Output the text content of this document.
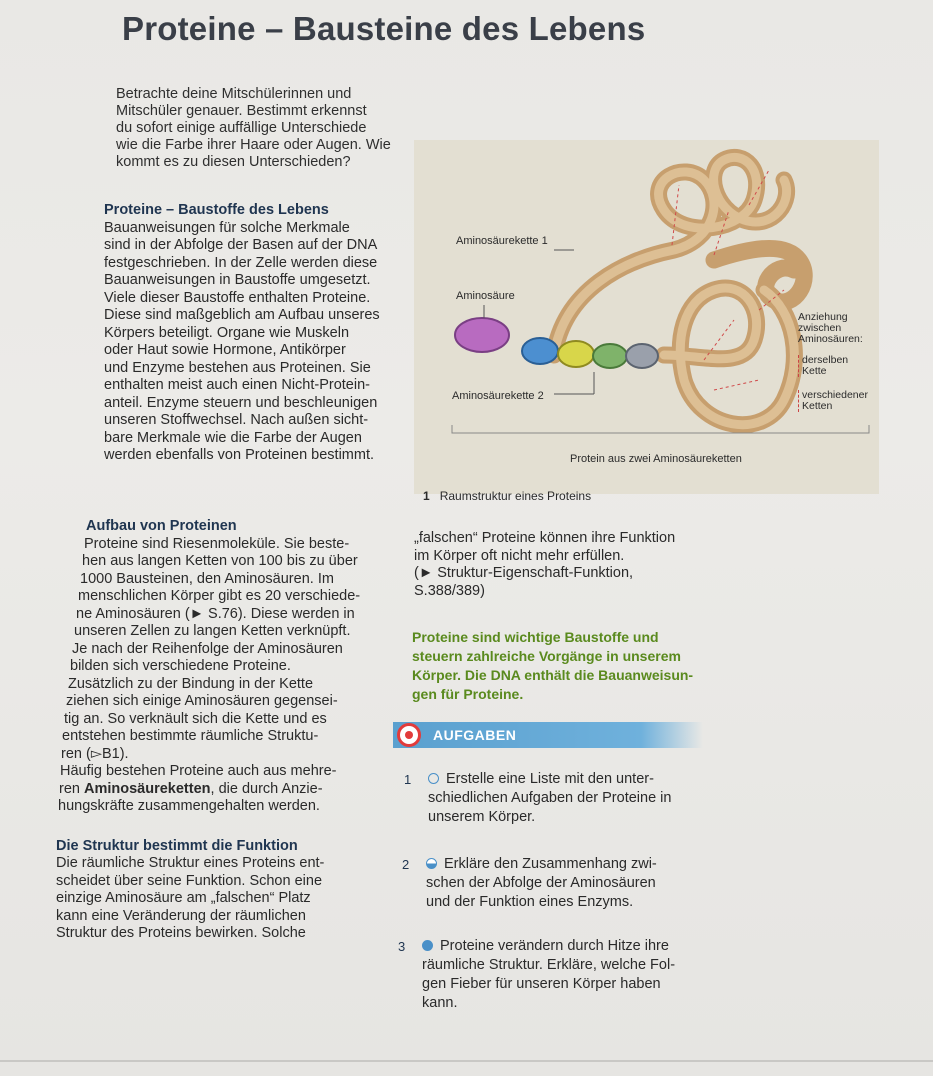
Proteine – Bausteine des Lebens
Betrachte deine Mitschülerinnen und
Mitschüler genauer. Bestimmt erkennst
du sofort einige auffällige Unterschiede
wie die Farbe ihrer Haare oder Augen. Wie
kommt es zu diesen Unterschieden?
Proteine – Baustoffe des Lebens
Bauanweisungen für solche Merkmale
sind in der Abfolge der Basen auf der DNA
festgeschrieben. In der Zelle werden diese
Bauanweisungen in Baustoffe umgesetzt.
Viele dieser Baustoffe enthalten Proteine.
Diese sind maßgeblich am Aufbau unseres
Körpers beteiligt. Organe wie Muskeln
oder Haut sowie Hormone, Antikörper
und Enzyme bestehen aus Proteinen. Sie
enthalten meist auch einen Nicht-Protein-
anteil. Enzyme steuern und beschleunigen
unseren Stoffwechsel. Nach außen sicht-
bare Merkmale wie die Farbe der Augen
werden ebenfalls von Proteinen bestimmt.
Aminosäurekette 1
Aminosäure
Aminosäurekette 2
Anziehung
zwischen
Aminosäuren:
derselben
Kette
verschiedener
Ketten
Protein aus zwei Aminosäureketten
1 Raumstruktur eines Proteins
Aufbau von Proteinen
Proteine sind Riesenmoleküle. Sie beste-
hen aus langen Ketten von 100 bis zu über
1000 Bausteinen, den Aminosäuren. Im
menschlichen Körper gibt es 20 verschiede-
ne Aminosäuren (► S.76). Diese werden in
unseren Zellen zu langen Ketten verknüpft.
Je nach der Reihenfolge der Aminosäuren
bilden sich verschiedene Proteine.
Zusätzlich zu der Bindung in der Kette
ziehen sich einige Aminosäuren gegensei-
tig an. So verknäult sich die Kette und es
entstehen bestimmte räumliche Struktu-
ren (▻B1).
Häufig bestehen Proteine auch aus mehre-
ren Aminosäureketten, die durch Anzie-
hungskräfte zusammengehalten werden.
Die Struktur bestimmt die Funktion
Die räumliche Struktur eines Proteins ent-
scheidet über seine Funktion. Schon eine
einzige Aminosäure am „falschen“ Platz
kann eine Veränderung der räumlichen
Struktur des Proteins bewirken. Solche
„falschen“ Proteine können ihre Funktion
im Körper oft nicht mehr erfüllen.
(► Struktur-Eigenschaft-Funktion,
S.388/389)
Proteine sind wichtige Baustoffe und
steuern zahlreiche Vorgänge in unserem
Körper. Die DNA enthält die Bauanweisun-
gen für Proteine.
AUFGABEN
1	Erstelle eine Liste mit den unter-
schiedlichen Aufgaben der Proteine in
unserem Körper.
2	Erkläre den Zusammenhang zwi-
schen der Abfolge der Aminosäuren
und der Funktion eines Enzyms.
3	Proteine verändern durch Hitze ihre
räumliche Struktur. Erkläre, welche Fol-
gen Fieber für unseren Körper haben
kann.
